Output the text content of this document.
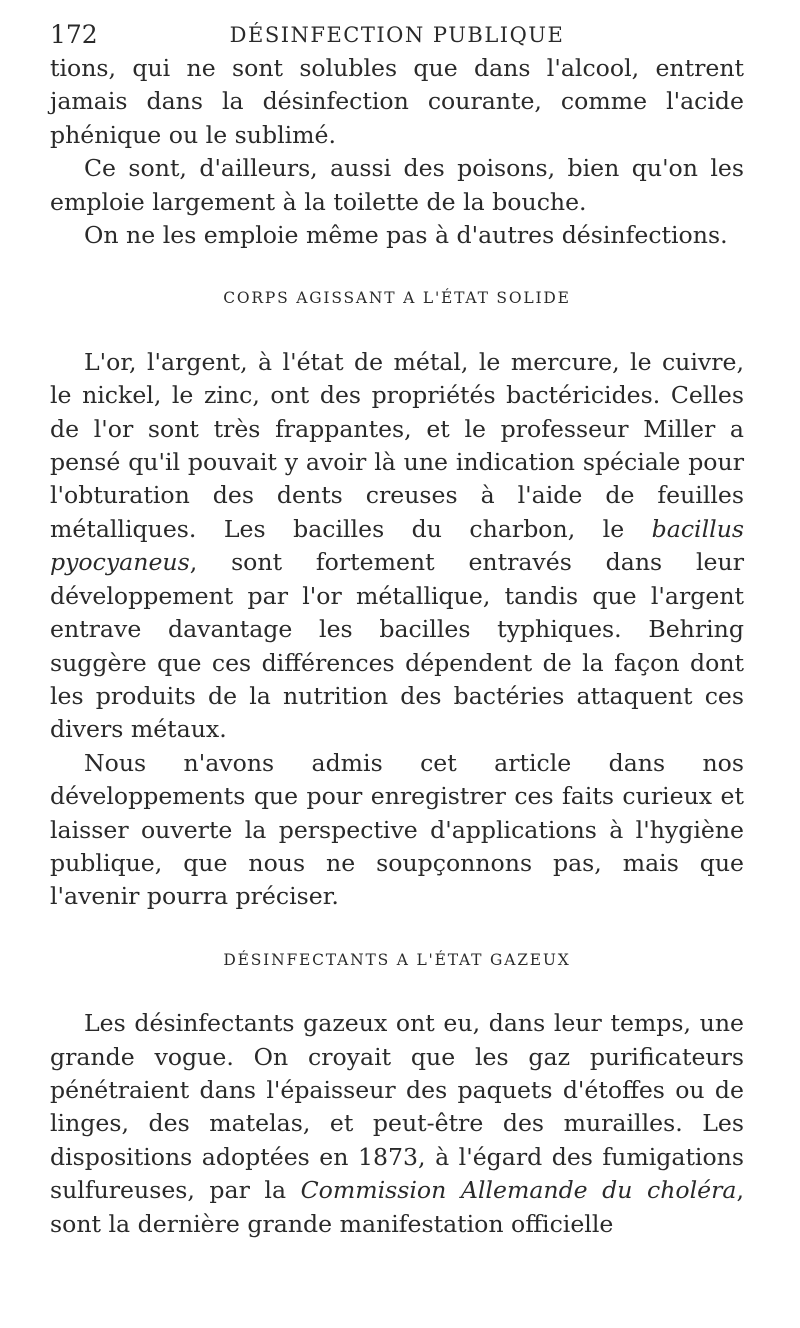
172	DÉSINFECTION PUBLIQUE

tions, qui ne sont solubles que dans l'alcool, entrent jamais dans la désinfection courante, comme l'acide phénique ou le sublimé.

Ce sont, d'ailleurs, aussi des poisons, bien qu'on les emploie largement à la toilette de la bouche.

On ne les emploie même pas à d'autres désinfections.

CORPS AGISSANT A L'ÉTAT SOLIDE

L'or, l'argent, à l'état de métal, le mercure, le cuivre, le nickel, le zinc, ont des propriétés bactéricides. Celles de l'or sont très frappantes, et le professeur Miller a pensé qu'il pouvait y avoir là une indication spéciale pour l'obturation des dents creuses à l'aide de feuilles métalliques. Les bacilles du charbon, le bacillus pyocyaneus, sont fortement entravés dans leur développement par l'or métallique, tandis que l'argent entrave davantage les bacilles typhiques. Behring suggère que ces différences dépendent de la façon dont les produits de la nutrition des bactéries attaquent ces divers métaux.

Nous n'avons admis cet article dans nos développements que pour enregistrer ces faits curieux et laisser ouverte la perspective d'applications à l'hygiène publique, que nous ne soupçonnons pas, mais que l'avenir pourra préciser.

DÉSINFECTANTS A L'ÉTAT GAZEUX

Les désinfectants gazeux ont eu, dans leur temps, une grande vogue. On croyait que les gaz purificateurs pénétraient dans l'épaisseur des paquets d'étoffes ou de linges, des matelas, et peut-être des murailles. Les dispositions adoptées en 1873, à l'égard des fumigations sulfureuses, par la Commission Allemande du choléra, sont la dernière grande manifestation officielle
